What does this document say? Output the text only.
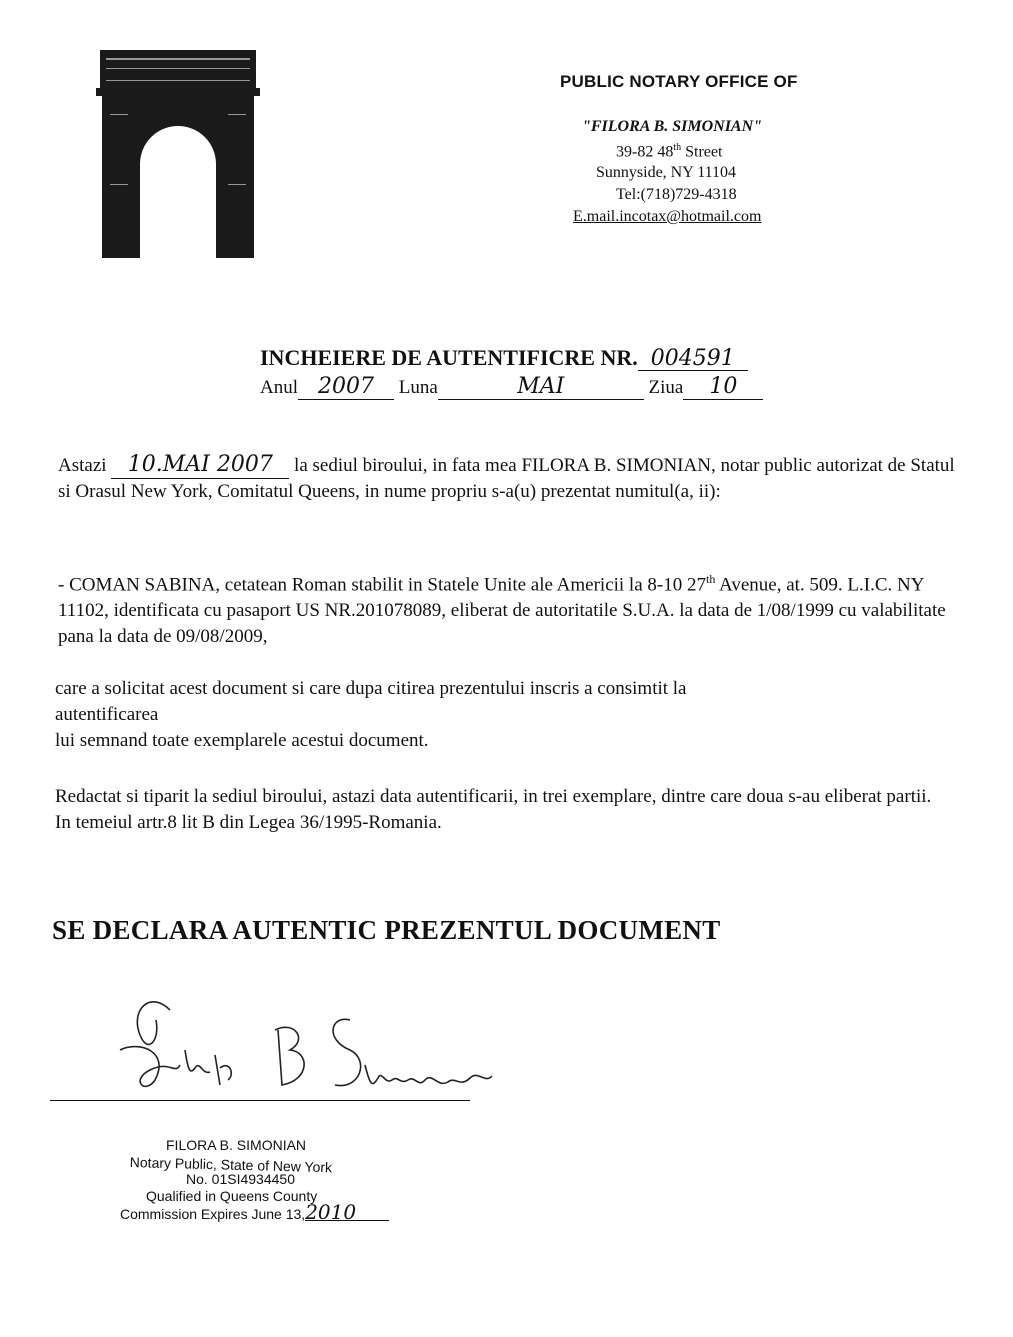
PUBLIC NOTARY OFFICE OF
"FILORA B. SIMONIAN"
39-82 48th Street
Sunnyside, NY 11104
Tel:(718)729-4318
E.mail.incotax@hotmail.com
INCHEIERE DE AUTENTIFICRE NR. 004591
Anul 2007 Luna	MAI	Ziua 10
Astazi 10.MAI 2007 la sediul biroului, in fata mea FILORA B. SIMONIAN, notar public autorizat de Statul si Orasul New York, Comitatul Queens, in nume propriu s-a(u) prezentat numitul(a, ii):
- COMAN SABINA, cetatean Roman stabilit in Statele Unite ale Americii la 8-10 27th Avenue, at. 509. L.I.C. NY 11102, identificata cu pasaport US NR.201078089, eliberat de autoritatile S.U.A. la data de 1/08/1999 cu valabilitate pana la data de 09/08/2009,
care a solicitat acest document si care dupa citirea prezentului inscris a consimtit la
autentificarea
lui semnand toate exemplarele acestui document.
Redactat si tiparit la sediul biroului, astazi data autentificarii, in trei exemplare, dintre care doua s-au eliberat partii.
In temeiul artr.8 lit B din Legea 36/1995-Romania.
SE DECLARA AUTENTIC PREZENTUL DOCUMENT
FILORA B. SIMONIAN
Notary Public, State of New York
No. 01SI4934450
Qualified in Queens County
Commission Expires June 13,2010
